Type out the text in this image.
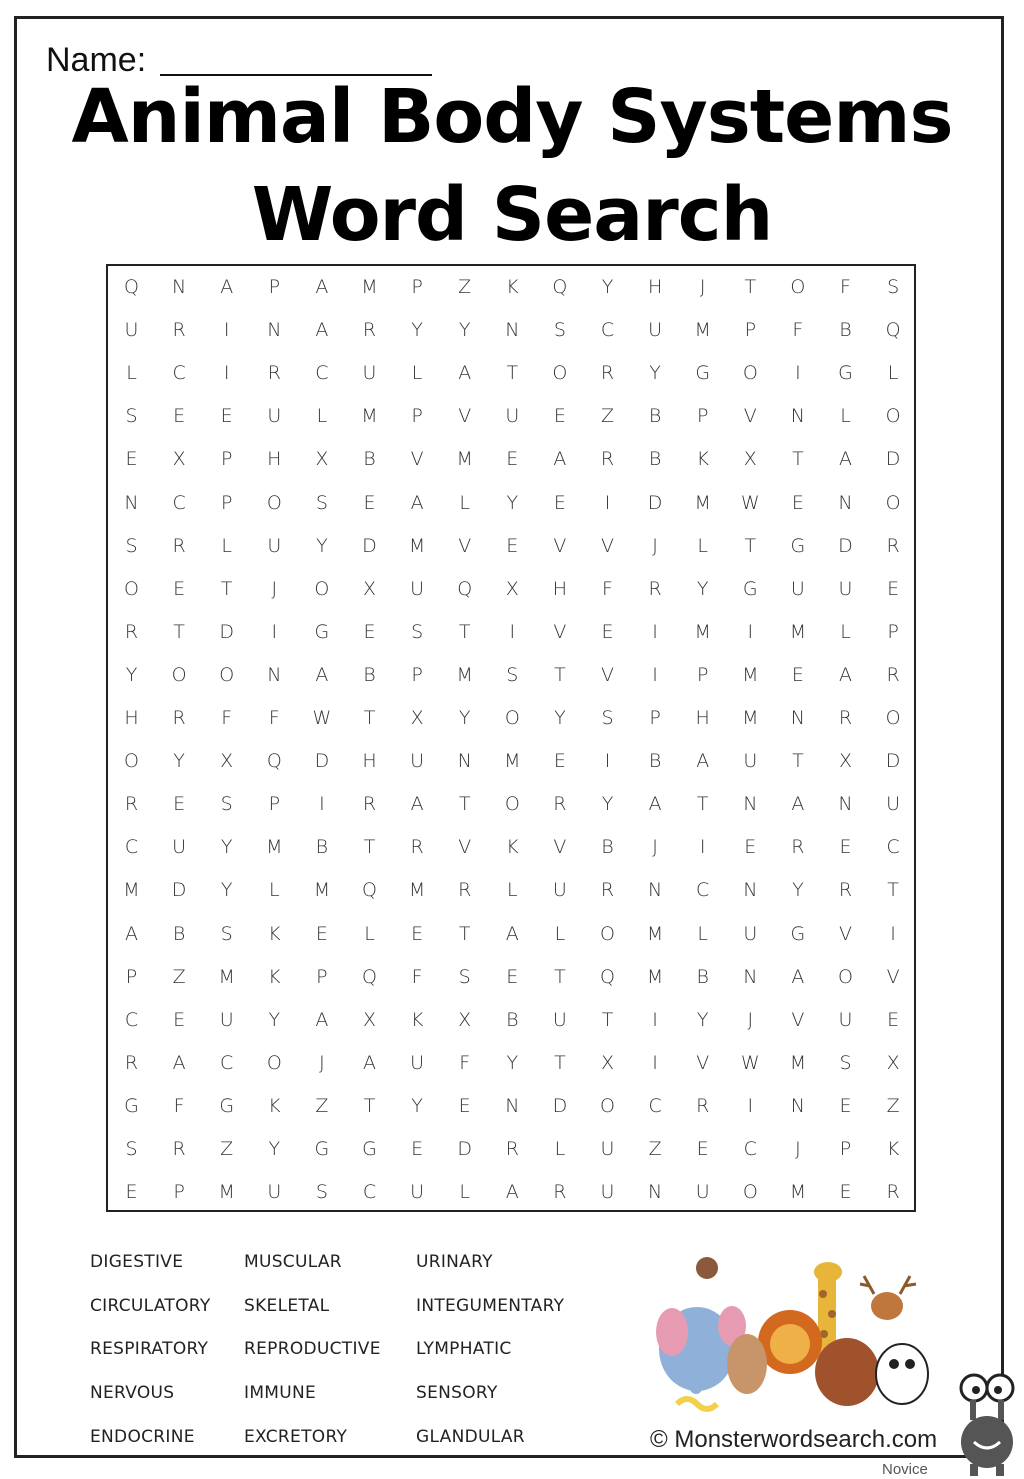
Name:
Animal Body Systems
Word Search
Q	N	A	P	A	M	P	Z	K	Q	Y	H	J	T	O	F	S
U	R	I	N	A	R	Y	Y	N	S	C	U	M	P	F	B	Q
L	C	I	R	C	U	L	A	T	O	R	Y	G	O	I	G	L
S	E	E	U	L	M	P	V	U	E	Z	B	P	V	N	L	O
E	X	P	H	X	B	V	M	E	A	R	B	K	X	T	A	D
N	C	P	O	S	E	A	L	Y	E	I	D	M	W	E	N	O
S	R	L	U	Y	D	M	V	E	V	V	J	L	T	G	D	R
O	E	T	J	O	X	U	Q	X	H	F	R	Y	G	U	U	E
R	T	D	I	G	E	S	T	I	V	E	I	M	I	M	L	P
Y	O	O	N	A	B	P	M	S	T	V	I	P	M	E	A	R
H	R	F	F	W	T	X	Y	O	Y	S	P	H	M	N	R	O
O	Y	X	Q	D	H	U	N	M	E	I	B	A	U	T	X	D
R	E	S	P	I	R	A	T	O	R	Y	A	T	N	A	N	U
C	U	Y	M	B	T	R	V	K	V	B	J	I	E	R	E	C
M	D	Y	L	M	Q	M	R	L	U	R	N	C	N	Y	R	T
A	B	S	K	E	L	E	T	A	L	O	M	L	U	G	V	I
P	Z	M	K	P	Q	F	S	E	T	Q	M	B	N	A	O	V
C	E	U	Y	A	X	K	X	B	U	T	I	Y	J	V	U	E
R	A	C	O	J	A	U	F	Y	T	X	I	V	W	M	S	X
G	F	G	K	Z	T	Y	E	N	D	O	C	R	I	N	E	Z
S	R	Z	Y	G	G	E	D	R	L	U	Z	E	C	J	P	K
E	P	M	U	S	C	U	L	A	R	U	N	U	O	M	E	R
DIGESTIVE
CIRCULATORY
RESPIRATORY
NERVOUS
ENDOCRINE
MUSCULAR
SKELETAL
REPRODUCTIVE
IMMUNE
EXCRETORY
URINARY
INTEGUMENTARY
LYMPHATIC
SENSORY
GLANDULAR	© Monsterwordsearch.com
Novice
